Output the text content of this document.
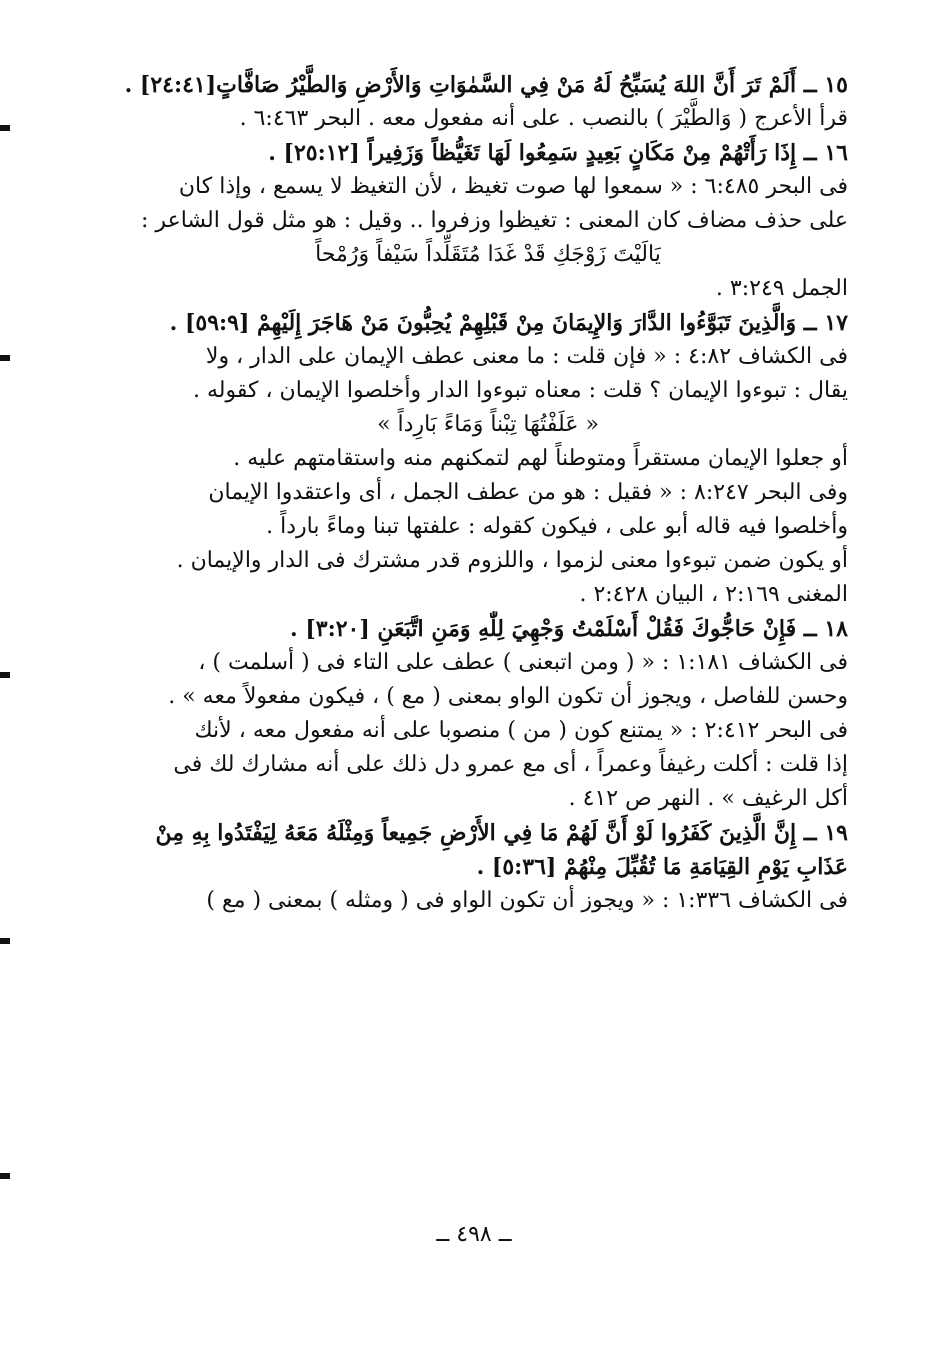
١٥ ــ أَلَمْ تَرَ أَنَّ اللهَ يُسَبِّحُ لَهُ مَنْ فِي السَّمٰوَاتِ وَالأَرْضِ وَالطَّيْرُ صَافَّاتٍ[٢٤:٤١] .
قرأ الأعرج ( وَالطَّيْرَ ) بالنصب . على أنه مفعول معه . البحر ٦:٤٦٣ .
١٦ ــ إِذَا رَأَتْهُمْ مِنْ مَكَانٍ بَعِيدٍ سَمِعُوا لَهَا تَغَيُّظاً وَزَفِيراً [٢٥:١٢] .
فى البحر ٦:٤٨٥ : « سمعوا لها صوت تغيظ ، لأن التغيظ لا يسمع ، وإذا كان
على حذف مضاف كان المعنى : تغيظوا وزفروا .. وقيل : هو مثل قول الشاعر :
يَالَيْتَ زَوْجَكِ قَدْ غَدَا مُتَقَلِّداً سَيْفاً وَرُمْحاً
الجمل ٣:٢٤٩ .
١٧ ــ وَالَّذِينَ تَبَوَّءُوا الدَّارَ وَالإِيمَانَ مِنْ قَبْلِهِمْ يُحِبُّونَ مَنْ هَاجَرَ إِلَيْهِمْ [٥٩:٩] .
فى الكشاف ٤:٨٢ : « فإن قلت : ما معنى عطف الإيمان على الدار ، ولا
يقال : تبوءوا الإيمان ؟ قلت : معناه تبوءوا الدار وأخلصوا الإيمان ، كقوله .
« عَلَفْتُهَا تِبْناً وَمَاءً بَارِداً »
أو جعلوا الإيمان مستقراً ومتوطناً لهم لتمكنهم منه واستقامتهم عليه .
وفى البحر ٨:٢٤٧ : « فقيل : هو من عطف الجمل ، أى واعتقدوا الإيمان
وأخلصوا فيه قاله أبو على ، فيكون كقوله : علفتها تبنا وماءً بارداً .
أو يكون ضمن تبوءوا معنى لزموا ، واللزوم قدر مشترك فى الدار والإيمان .
المغنى ٢:١٦٩ ، البيان ٢:٤٢٨ .
١٨ ــ فَإِنْ حَاجُّوكَ فَقُلْ أَسْلَمْتُ وَجْهِيَ لِلّٰهِ وَمَنِ اتَّبَعَنِ [٣:٢٠] .
فى الكشاف ١:١٨١ : « ( ومن اتبعنى ) عطف على التاء فى ( أسلمت ) ،
وحسن للفاصل ، ويجوز أن تكون الواو بمعنى ( مع ) ، فيكون مفعولاً معه » .
فى البحر ٢:٤١٢ : « يمتنع كون ( من ) منصوبا على أنه مفعول معه ، لأنك
إذا قلت : أكلت رغيفاً وعمراً ، أى مع عمرو دل ذلك على أنه مشارك لك فى
أكل الرغيف » . النهر ص ٤١٢ .
١٩ ــ إِنَّ الَّذِينَ كَفَرُوا لَوْ أَنَّ لَهُمْ مَا فِي الأَرْضِ جَمِيعاً وَمِثْلَهُ مَعَهُ لِيَفْتَدُوا بِهِ مِنْ
عَذَابِ يَوْمِ القِيَامَةِ مَا تُقُبِّلَ مِنْهُمْ [٥:٣٦] .
فى الكشاف ١:٣٣٦ : « ويجوز أن تكون الواو فى ( ومثله ) بمعنى ( مع )
ــ ٤٩٨ ــ
